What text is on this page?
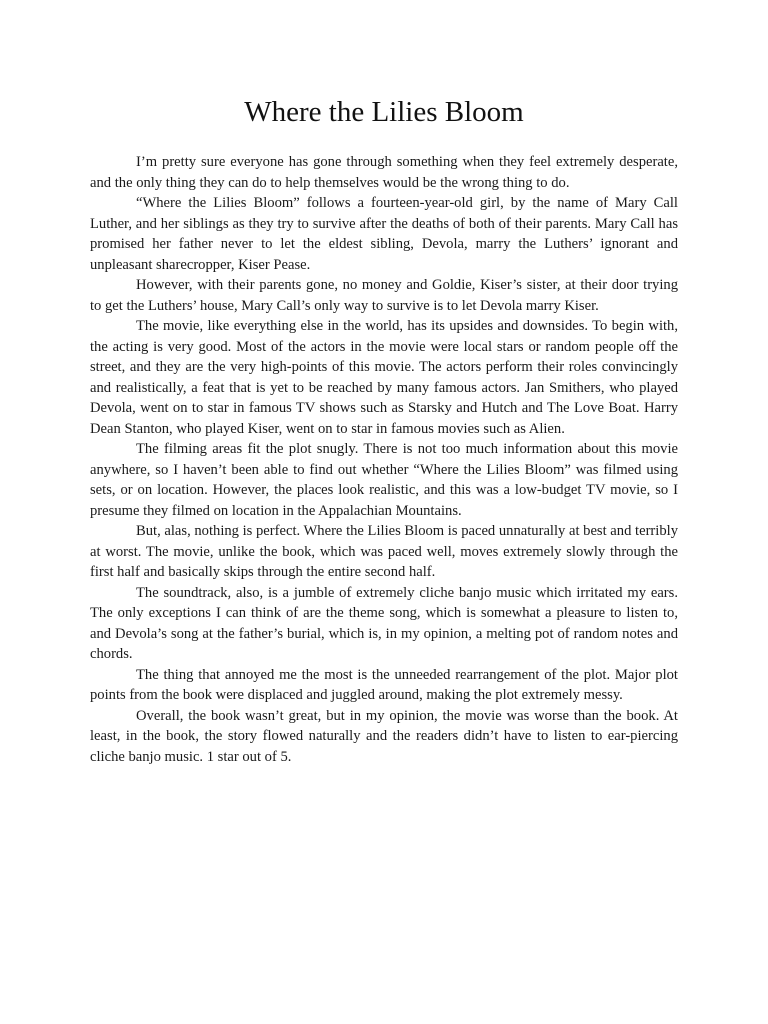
Where the Lilies Bloom

I’m pretty sure everyone has gone through something when they feel extremely desperate, and the only thing they can do to help themselves would be the wrong thing to do.

“Where the Lilies Bloom” follows a fourteen-year-old girl, by the name of Mary Call Luther, and her siblings as they try to survive after the deaths of both of their parents. Mary Call has promised her father never to let the eldest sibling, Devola, marry the Luthers’ ignorant and unpleasant sharecropper, Kiser Pease.

However, with their parents gone, no money and Goldie, Kiser’s sister, at their door trying to get the Luthers’ house, Mary Call’s only way to survive is to let Devola marry Kiser.

The movie, like everything else in the world, has its upsides and downsides. To begin with, the acting is very good. Most of the actors in the movie were local stars or random people off the street, and they are the very high-points of this movie. The actors perform their roles convincingly and realistically, a feat that is yet to be reached by many famous actors. Jan Smithers, who played Devola, went on to star in famous TV shows such as Starsky and Hutch and The Love Boat. Harry Dean Stanton, who played Kiser, went on to star in famous movies such as Alien.

The filming areas fit the plot snugly. There is not too much information about this movie anywhere, so I haven’t been able to find out whether “Where the Lilies Bloom” was filmed using sets, or on location. However, the places look realistic, and this was a low-budget TV movie, so I presume they filmed on location in the Appalachian Mountains.

But, alas, nothing is perfect. Where the Lilies Bloom is paced unnaturally at best and terribly at worst. The movie, unlike the book, which was paced well, moves extremely slowly through the first half and basically skips through the entire second half.

The soundtrack, also, is a jumble of extremely cliche banjo music which irritated my ears. The only exceptions I can think of are the theme song, which is somewhat a pleasure to listen to, and Devola’s song at the father’s burial, which is, in my opinion, a melting pot of random notes and chords.

The thing that annoyed me the most is the unneeded rearrangement of the plot. Major plot points from the book were displaced and juggled around, making the plot extremely messy.

Overall, the book wasn’t great, but in my opinion, the movie was worse than the book. At least, in the book, the story flowed naturally and the readers didn’t have to listen to ear-piercing cliche banjo music. 1 star out of 5.
